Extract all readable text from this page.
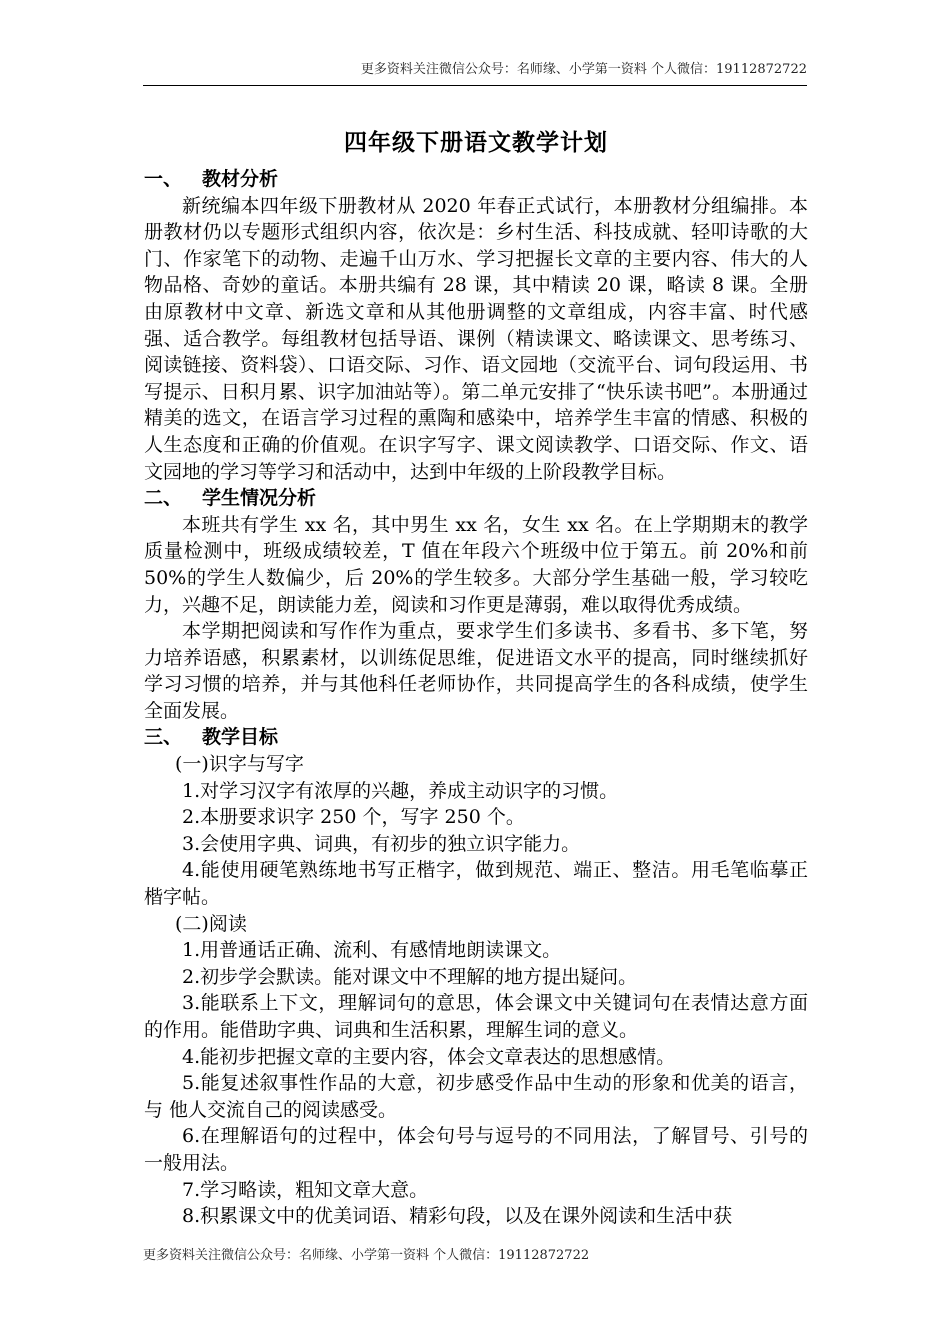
更多资料关注微信公众号：名师缘、小学第一资料 个人微信：19112872722
四年级下册语文教学计划
一、	教材分析

新统编本四年级下册教材从 2020 年春正式试行，本册教材分组编排。本册教材仍以专题形式组织内容，依次是：乡村生活、科技成就、轻叩诗歌的大门、作家笔下的动物、走遍千山万水、学习把握长文章的主要内容、伟大的人物品格、奇妙的童话。本册共编有 28 课，其中精读 20 课，略读 8 课。全册由原教材中文章、新选文章和从其他册调整的文章组成，内容丰富、时代感强、适合教学。每组教材包括导语、课例（精读课文、略读课文、思考练习、阅读链接、资料袋）、口语交际、习作、语文园地（交流平台、词句段运用、书写提示、日积月累、识字加油站等）。第二单元安排了“快乐读书吧”。本册通过精美的选文，在语言学习过程的熏陶和感染中，培养学生丰富的情感、积极的人生态度和正确的价值观。在识字写字、课文阅读教学、口语交际、作文、语文园地的学习等学习和活动中，达到中年级的上阶段教学目标。

二、	学生情况分析

本班共有学生 xx 名，其中男生 xx 名，女生 xx 名。在上学期期末的教学质量检测中，班级成绩较差，T 值在年段六个班级中位于第五。前 20%和前 50%的学生人数偏少，后 20%的学生较多。大部分学生基础一般，学习较吃力，兴趣不足，朗读能力差，阅读和习作更是薄弱，难以取得优秀成绩。

本学期把阅读和写作作为重点，要求学生们多读书、多看书、多下笔，努力培养语感，积累素材，以训练促思维，促进语文水平的提高，同时继续抓好学习习惯的培养，并与其他科任老师协作，共同提高学生的各科成绩，使学生全面发展。

三、	教学目标

(一)识字与写字

1.对学习汉字有浓厚的兴趣，养成主动识字的习惯。

2.本册要求识字 250 个，写字 250 个。

3.会使用字典、词典，有初步的独立识字能力。

4.能使用硬笔熟练地书写正楷字，做到规范、端正、整洁。用毛笔临摹正楷字帖。

(二)阅读

1.用普通话正确、流利、有感情地朗读课文。

2.初步学会默读。能对课文中不理解的地方提出疑问。

3.能联系上下文，理解词句的意思，体会课文中关键词句在表情达意方面的作用。能借助字典、词典和生活积累，理解生词的意义。

4.能初步把握文章的主要内容，体会文章表达的思想感情。

5.能复述叙事性作品的大意，初步感受作品中生动的形象和优美的语言，与 他人交流自己的阅读感受。

6.在理解语句的过程中，体会句号与逗号的不同用法，了解冒号、引号的一般用法。

7.学习略读，粗知文章大意。

8.积累课文中的优美词语、精彩句段，以及在课外阅读和生活中获

更多资料关注微信公众号：名师缘、小学第一资料 个人微信：19112872722
